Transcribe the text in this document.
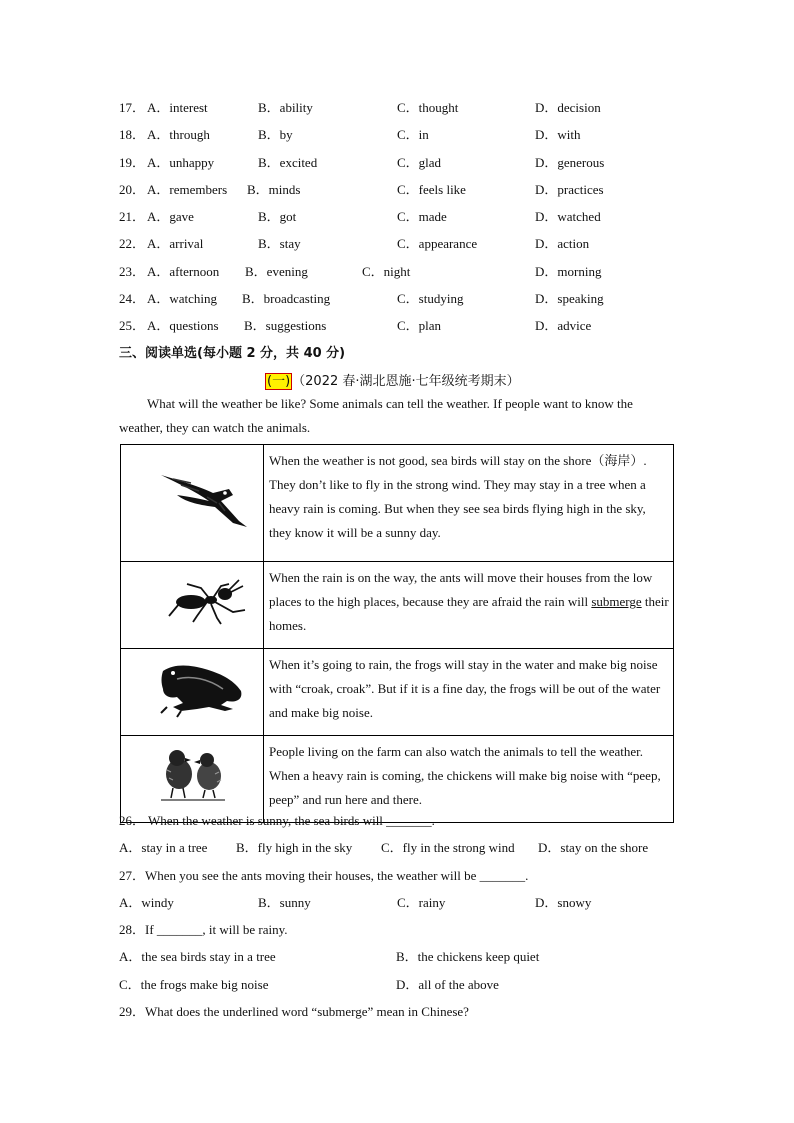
17． A．interest	B．ability	C．thought	D．decision
18． A．through	B．by	C．in	D．with
19． A．unhappy	B．excited	C．glad	D．generous
20． A．remembers B．minds	C．feels like	D．practices
21． A．gave	B．got	C．made	D．watched
22． A．arrival	B．stay	C．appearance	D．action
23． A．afternoon B．evening	C．night	D．morning
24． A．watching B．broadcasting	C．studying	D．speaking
25． A．questions B．suggestions	C．plan	D．advice
三、阅读单选(每小题 2 分，共 40 分)
(一) （2022 春·湖北恩施·七年级统考期末）
What will the weather be like? Some animals can tell the weather. If people want to know the weather, they can watch the animals.
	When the weather is not good, sea birds will stay on the shore（海岸）. They don’t like to fly in the strong wind. They may stay in a tree when a heavy rain is coming. But when they see sea birds flying high in the sky, they know it will be a sunny day.
	When the rain is on the way, the ants will move their houses from the low places to the high places, because they are afraid the rain will submerge their homes.
	When it’s going to rain, the frogs will stay in the water and make big noise with “croak, croak”. But if it is a fine day, the frogs will be out of the water and make big noise.
	People living on the farm can also watch the animals to tell the weather. When a heavy rain is coming, the chickens will make big noise with “peep, peep” and run here and there.
26． When the weather is sunny, the sea birds will _______.
A．stay in a tree B．fly high in the sky C．fly in the strong wind D．stay on the shore
27．When you see the ants moving their houses, the weather will be _______.
A．windy	B．sunny	C．rainy	D．snowy
28．If _______, it will be rainy.
A．the sea birds stay in a tree	B．the chickens keep quiet
C．the frogs make big noise	D．all of the above
29．What does the underlined word “submerge” mean in Chinese?
